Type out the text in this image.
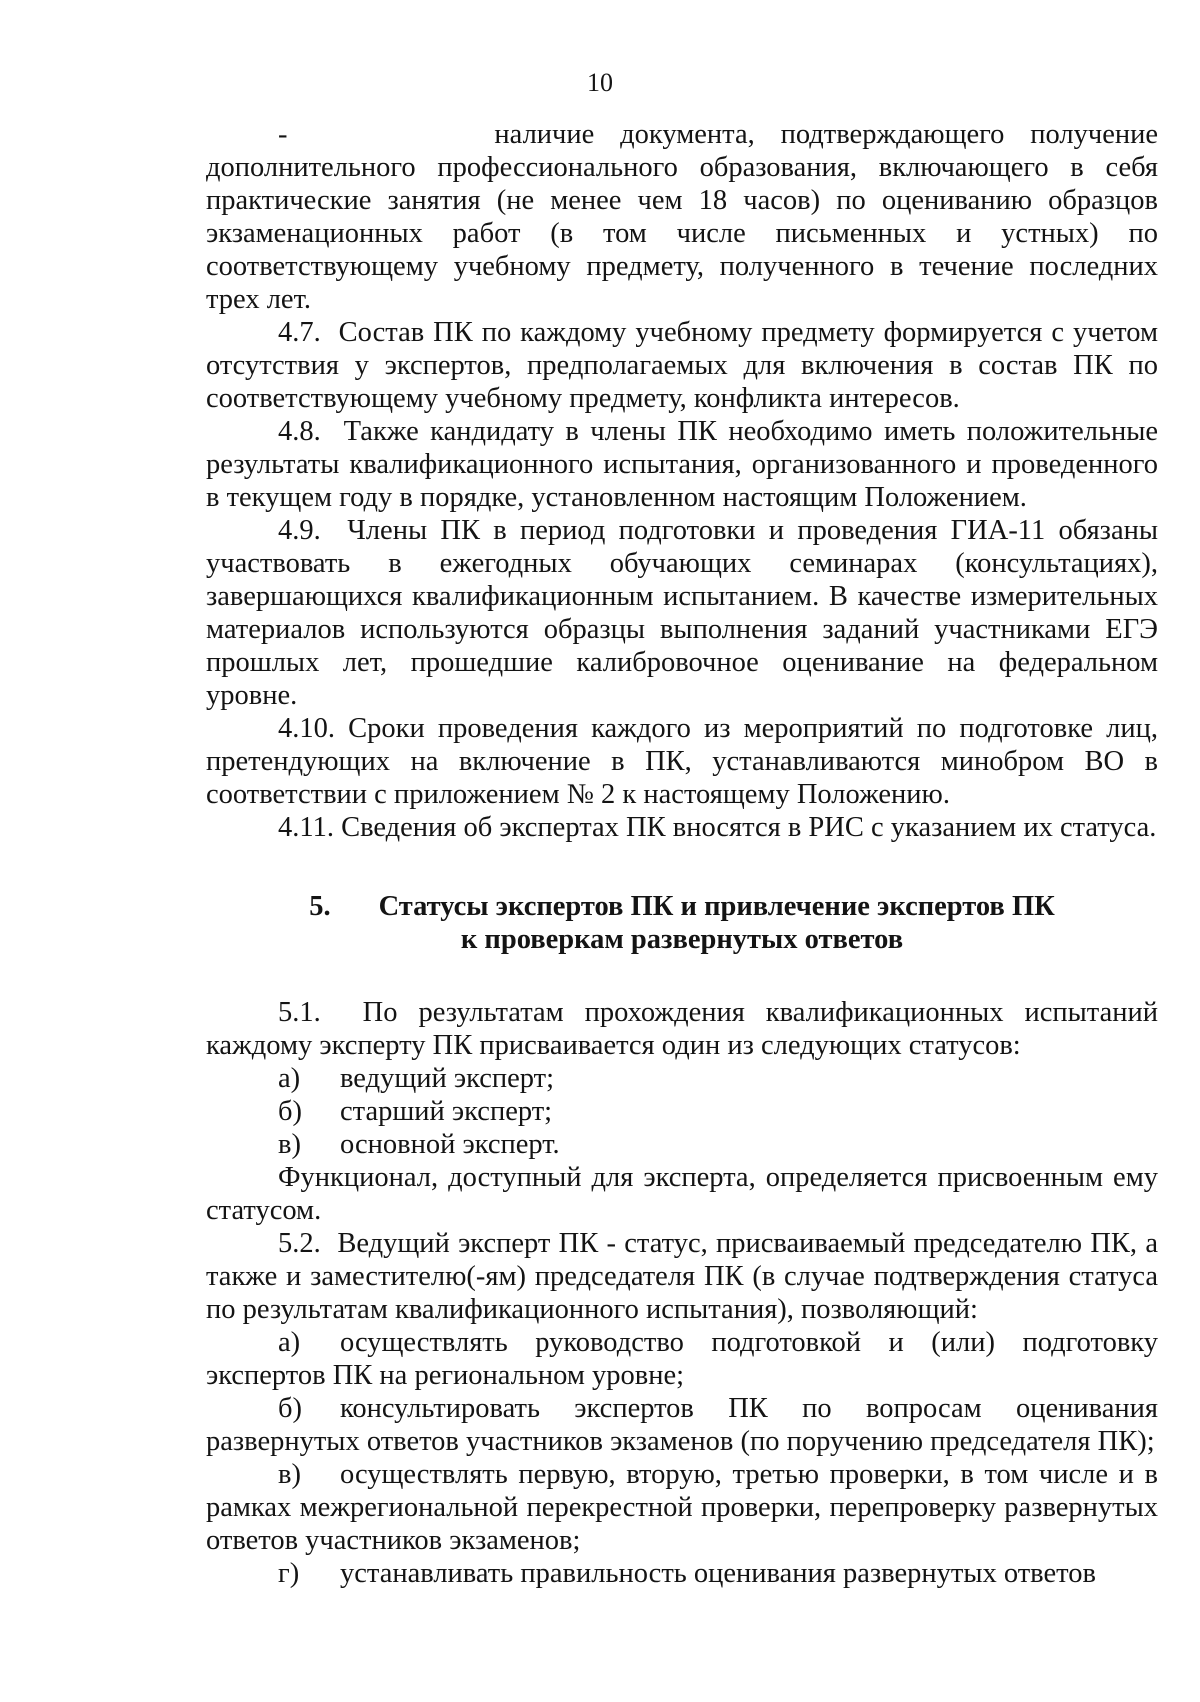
10

-        наличие документа, подтверждающего получение дополнительного профессионального образования, включающего в себя практические занятия (не менее чем 18 часов) по оцениванию образцов экзаменационных работ (в том числе письменных и устных) по соответствующему учебному предмету, полученного в течение последних трех лет.

4.7.  Состав ПК по каждому учебному предмету формируется с учетом отсутствия у экспертов, предполагаемых для включения в состав ПК по соответствующему учебному предмету, конфликта интересов.

4.8.  Также кандидату в члены ПК необходимо иметь положительные результаты квалификационного испытания, организованного и проведенного в текущем году в порядке, установленном настоящим Положением.

4.9.  Члены ПК в период подготовки и проведения ГИА-11 обязаны участвовать в ежегодных обучающих семинарах (консультациях), завершающихся квалификационным испытанием. В качестве измерительных материалов используются образцы выполнения заданий участниками ЕГЭ прошлых лет, прошедшие калибровочное оценивание на федеральном уровне.

4.10. Сроки проведения каждого из мероприятий по подготовке лиц, претендующих на включение в ПК, устанавливаются минобром ВО в соответствии с приложением № 2 к настоящему Положению.

4.11. Сведения об экспертах ПК вносятся в РИС с указанием их статуса.

5. Статусы экспертов ПК и привлечение экспертов ПК
к проверкам развернутых ответов

5.1.  По результатам прохождения квалификационных испытаний каждому эксперту ПК присваивается один из следующих статусов:

а)	ведущий эксперт;
б)	старший эксперт;
в)	основной эксперт.

Функционал, доступный для эксперта, определяется присвоенным ему статусом.

5.2.  Ведущий эксперт ПК - статус, присваиваемый председателю ПК, а также и заместителю(-ям) председателя ПК (в случае подтверждения статуса по результатам квалификационного испытания), позволяющий:

а) осуществлять руководство подготовкой и (или) подготовку экспертов ПК на региональном уровне;

б) консультировать экспертов ПК по вопросам оценивания развернутых ответов участников экзаменов (по поручению председателя ПК);

в) осуществлять первую, вторую, третью проверки, в том числе и в рамках межрегиональной перекрестной проверки, перепроверку развернутых ответов участников экзаменов;

г) устанавливать правильность оценивания развернутых ответов
